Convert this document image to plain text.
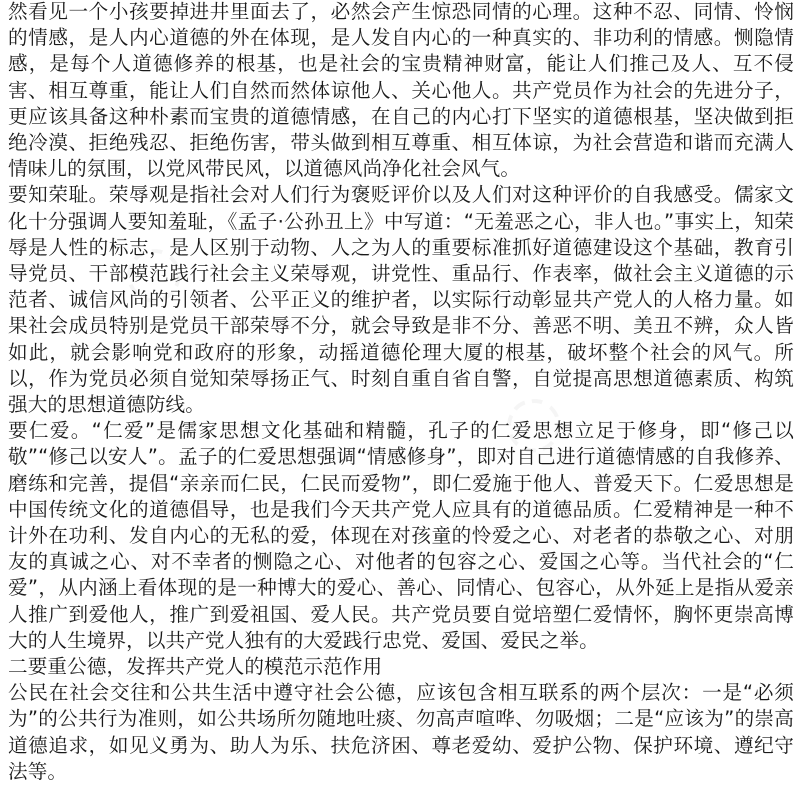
◌
◌

然看见一个小孩要掉进井里面去了，必然会产生惊恐同情的心理。这种不忍、同情、怜悯的情感，是人内心道德的外在体现，是人发自内心的一种真实的、非功利的情感。恻隐情感，是每个人道德修养的根基，也是社会的宝贵精神财富，能让人们推己及人、互不侵害、相互尊重，能让人们自然而然体谅他人、关心他人。共产党员作为社会的先进分子，更应该具备这种朴素而宝贵的道德情感，在自己的内心打下坚实的道德根基，坚决做到拒绝冷漠、拒绝残忍、拒绝伤害，带头做到相互尊重、相互体谅，为社会营造和谐而充满人情味儿的氛围，以党风带民风，以道德风尚净化社会风气。

要知荣耻。荣辱观是指社会对人们行为褒贬评价以及人们对这种评价的自我感受。儒家文化十分强调人要知羞耻，《孟子·公孙丑上》中写道：“无羞恶之心，非人也。”事实上，知荣辱是人性的标志，是人区别于动物、人之为人的重要标准抓好道德建设这个基础，教育引导党员、干部模范践行社会主义荣辱观，讲党性、重品行、作表率，做社会主义道德的示范者、诚信风尚的引领者、公平正义的维护者，以实际行动彰显共产党人的人格力量。如果社会成员特别是党员干部荣辱不分，就会导致是非不分、善恶不明、美丑不辨，众人皆如此，就会影响党和政府的形象，动摇道德伦理大厦的根基，破坏整个社会的风气。所以，作为党员必须自觉知荣辱扬正气、时刻自重自省自警，自觉提高思想道德素质、构筑强大的思想道德防线。

要仁爱。“仁爱”是儒家思想文化基础和精髓，孔子的仁爱思想立足于修身，即“修己以敬”“修己以安人”。孟子的仁爱思想强调“情感修身”，即对自己进行道德情感的自我修养、磨练和完善，提倡“亲亲而仁民，仁民而爱物”，即仁爱施于他人、普爱天下。仁爱思想是中国传统文化的道德倡导，也是我们今天共产党人应具有的道德品质。仁爱精神是一种不计外在功利、发自内心的无私的爱，体现在对孩童的怜爱之心、对老者的恭敬之心、对朋友的真诚之心、对不幸者的恻隐之心、对他者的包容之心、爱国之心等。当代社会的“仁爱”，从内涵上看体现的是一种博大的爱心、善心、同情心、包容心，从外延上是指从爱亲人推广到爱他人，推广到爱祖国、爱人民。共产党员要自觉培塑仁爱情怀，胸怀更崇高博大的人生境界，以共产党人独有的大爱践行忠党、爱国、爱民之举。

二要重公德，发挥共产党人的模范示范作用

公民在社会交往和公共生活中遵守社会公德，应该包含相互联系的两个层次：一是“必须为”的公共行为准则，如公共场所勿随地吐痰、勿高声喧哗、勿吸烟；二是“应该为”的崇高道德追求，如见义勇为、助人为乐、扶危济困、尊老爱幼、爱护公物、保护环境、遵纪守法等。
